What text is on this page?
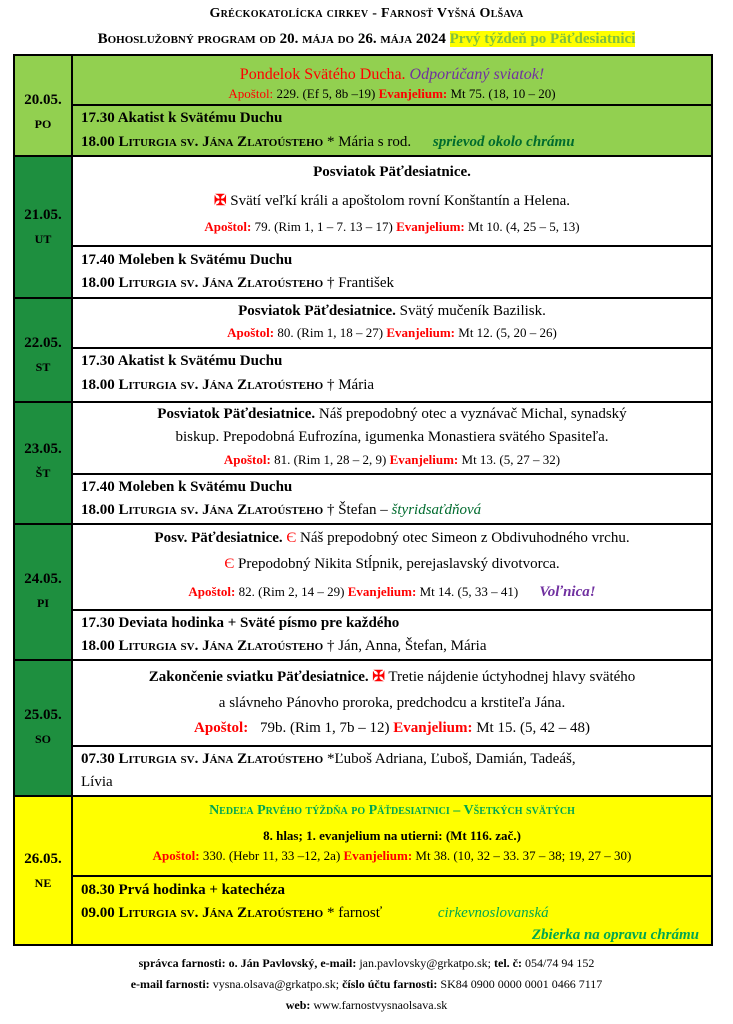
Gréckokatolícka cirkev - Farnosť Vyšná Olšava
Bohoslužobný program od 20. mája do 26. mája 2024 Prvý týždeň po Päťdesiatnici
20.05.
PO
Pondelok Svätého Ducha. Odporúčaný sviatok!
Apoštol: 229. (Ef 5, 8b –19) Evanjelium: Mt 75. (18, 10 – 20)
17.30 Akatist k Svätému Duchu
18.00 Liturgia sv. Jána Zlatoústeho * Mária s rod. sprievod okolo chrámu
21.05.
UT
Posviatok Päťdesiatnice.
✠ Svätí veľkí králi a apoštolom rovní Konštantín a Helena.
Apoštol: 79. (Rim 1, 1 – 7. 13 – 17) Evanjelium: Mt 10. (4, 25 – 5, 13)
17.40 Moleben k Svätému Duchu
18.00 Liturgia sv. Jána Zlatoústeho † František
22.05.
ST
Posviatok Päťdesiatnice. Svätý mučeník Bazilisk.
Apoštol: 80. (Rim 1, 18 – 27) Evanjelium: Mt 12. (5, 20 – 26)
17.30 Akatist k Svätému Duchu
18.00 Liturgia sv. Jána Zlatoústeho † Mária
23.05.
ŠT
Posviatok Päťdesiatnice. Náš prepodobný otec a vyznávač Michal, synadský
biskup. Prepodobná Eufrozína, igumenka Monastiera svätého Spasiteľa.
Apoštol: 81. (Rim 1, 28 – 2, 9) Evanjelium: Mt 13. (5, 27 – 32)
17.40 Moleben k Svätému Duchu
18.00 Liturgia sv. Jána Zlatoústeho † Štefan – štyridsaťdňová
24.05.
PI
Posv. Päťdesiatnice. Є Náš prepodobný otec Simeon z Obdivuhodného vrchu.
Є Prepodobný Nikita Stĺpnik, perejaslavský divotvorca.
Apoštol: 82. (Rim 2, 14 – 29) Evanjelium: Mt 14. (5, 33 – 41) Voľnica!
17.30 Deviata hodinka + Sväté písmo pre každého
18.00 Liturgia sv. Jána Zlatoústeho † Ján, Anna, Štefan, Mária
25.05.
SO
Zakončenie sviatku Päťdesiatnice. ✠ Tretie nájdenie úctyhodnej hlavy svätého
a slávneho Pánovho proroka, predchodcu a krstiteľa Jána.
Apoštol: 79b. (Rim 1, 7b – 12) Evanjelium: Mt 15. (5, 42 – 48)
07.30 Liturgia sv. Jána Zlatoústeho *Ľuboš Adriana, Ľuboš, Damián, Tadeáš,
Lívia
26.05.
NE
Nedeľa Prvého týždňa po Päťdesiatnici – Všetkých svätých
8. hlas; 1. evanjelium na utierni: (Mt 116. zač.)
Apoštol: 330. (Hebr 11, 33 –12, 2a) Evanjelium: Mt 38. (10, 32 – 33. 37 – 38; 19, 27 – 30)
08.30 Prvá hodinka + katechéza
09.00 Liturgia sv. Jána Zlatoústeho * farnosť	cirkevnoslovanská
Zbierka na opravu chrámu
správca farnosti: o. Ján Pavlovský, e-mail: jan.pavlovsky@grkatpo.sk; tel. č: 054/74 94 152
e-mail farnosti: vysna.olsava@grkatpo.sk; číslo účtu farnosti: SK84 0900 0000 0001 0466 7117
web: www.farnostvysnaolsava.sk
